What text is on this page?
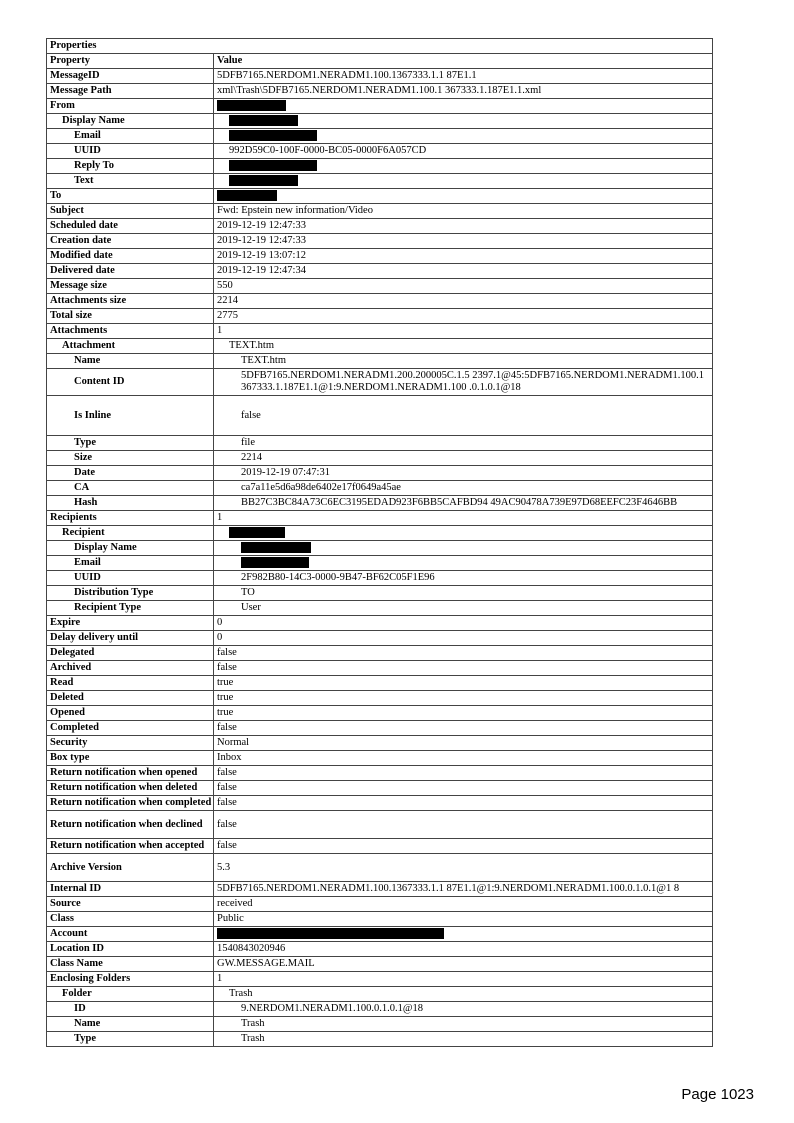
Properties	
Property	Value
MessageID	5DFB7165.NERDOM1.NERADM1.100.1367333.1.1 87E1.1
Message Path	xml\Trash\5DFB7165.NERDOM1.NERADM1.100.1 367333.1.187E1.1.xml
From	
Display Name	
Email	
UUID	992D59C0-100F-0000-BC05-0000F6A057CD
Reply To	
Text	
To	
Subject	Fwd: Epstein new information/Video
Scheduled date	2019-12-19 12:47:33
Creation date	2019-12-19 12:47:33
Modified date	2019-12-19 13:07:12
Delivered date	2019-12-19 12:47:34
Message size	550
Attachments size	2214
Total size	2775
Attachments	1
Attachment	TEXT.htm
Name	TEXT.htm
Content ID	5DFB7165.NERDOM1.NERADM1.200.200005C.1.5 2397.1@45:5DFB7165.NERDOM1.NERADM1.100.1 367333.1.187E1.1@1:9.NERDOM1.NERADM1.100 .0.1.0.1@18
Is Inline	false
Type	file
Size	2214
Date	2019-12-19 07:47:31
CA	ca7a11e5d6a98de6402e17f0649a45ae
Hash	BB27C3BC84A73C6EC3195EDAD923F6BB5CAFBD94 49AC90478A739E97D68EEFC23F4646BB
Recipients	1
Recipient	
Display Name	
Email	
UUID	2F982B80-14C3-0000-9B47-BF62C05F1E96
Distribution Type	TO
Recipient Type	User
Expire	0
Delay delivery until	0
Delegated	false
Archived	false
Read	true
Deleted	true
Opened	true
Completed	false
Security	Normal
Box type	Inbox
Return notification when opened	false
Return notification when deleted	false
Return notification when completed	false
Return notification when declined	false
Return notification when accepted	false
Archive Version	5.3
Internal ID	5DFB7165.NERDOM1.NERADM1.100.1367333.1.1 87E1.1@1:9.NERDOM1.NERADM1.100.0.1.0.1@1 8
Source	received
Class	Public
Account	
Location ID	1540843020946
Class Name	GW.MESSAGE.MAIL
Enclosing Folders	1
Folder	Trash
ID	9.NERDOM1.NERADM1.100.0.1.0.1@18
Name	Trash
Type	Trash
Page 1023
